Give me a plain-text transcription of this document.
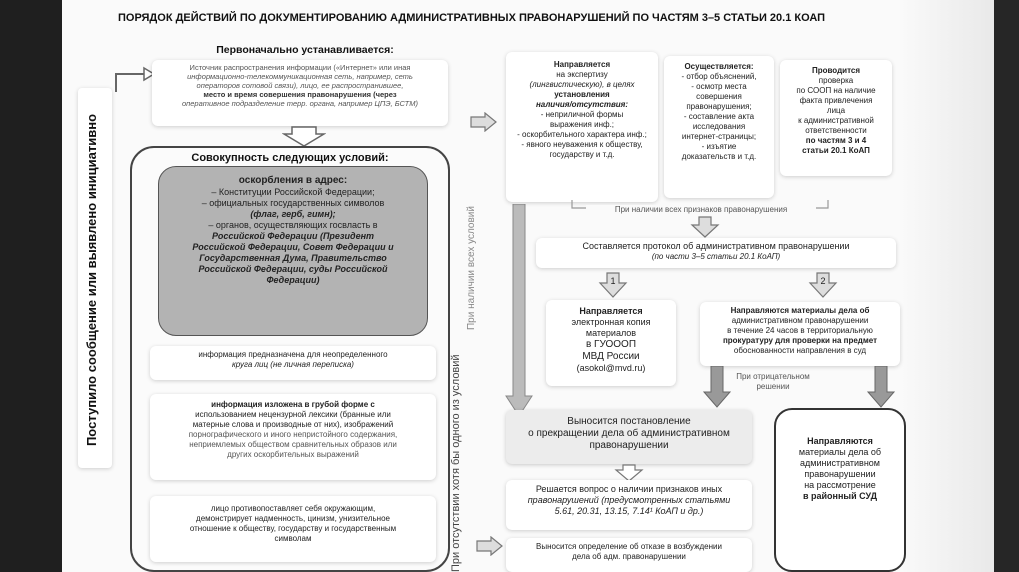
ПОРЯДОК ДЕЙСТВИЙ ПО ДОКУМЕНТИРОВАНИЮ АДМИНИСТРАТИВНЫХ ПРАВОНАРУШЕНИЙ ПО ЧАСТЯМ 3–5 СТАТЬИ 20.1 КОАП
Поступило сообщение или выявлено инициативно
Первоначально устанавливается:
Источник распространения информации («Интернет» или иная
информационно-телекоммуникационная сеть, например, сеть
операторов сотовой связи), лицо, ее распространившее,
место и время совершения правонарушения (через
оперативное подразделение терр. органа, например ЦПЭ, БСТМ)
Совокупность следующих условий:
оскорбления в адрес:
– Конституции Российской Федерации;
– официальных государственных символов
(флаг, герб, гимн);
– органов, осуществляющих госвласть в
Российской Федерации (Президент
Российской Федерации, Совет Федерации и
Государственная Дума, Правительство
Российской Федерации, суды Российской
Федерации)
информация предназначена для неопределенного
круга лиц (не личная переписка)
информация изложена в грубой форме с
использованием нецензурной лексики (бранные или
матерные слова и производные от них), изображений
порнографического и иного непристойного содержания,
неприемлемых обществом сравнительных образов или
других оскорбительных выражений
лицо противопоставляет себя окружающим,
демонстрирует надменность, цинизм, унизительное
отношение к обществу, государству и государственным
символам	При отсутствии хотя бы одного из условий
При наличии всех условий
Направляется
на экспертизу
(лингвистическую), в целях
установления
наличия/отсутствия:
- неприличной формы
выражения инф.;
- оскорбительного характера инф.;
- явного неуважения к обществу,
государству и т.д.
Осуществляется:
- отбор объяснений,
- осмотр места
совершения
правонарушения;
- составление акта
исследования
интернет-страницы;
- изъятие
доказательств и т.д.
Проводится
проверка
по СООП на наличие
факта привлечения
лица
к административной
ответственности
по частям 3 и 4
статьи 20.1 КоАП
При наличии всех признаков правонарушения
Составляется протокол об административном правонарушении
(по части 3–5 статьи 20.1 КоАП)
1	2
Направляется
электронная копия
материалов
в ГУОООП
МВД России
(asokol@mvd.ru)
Направляются материалы дела об
административном правонарушении
в течение 24 часов в территориальную
прокуратуру для проверки на предмет
обоснованности направления в суд
При отрицательном
решении
Выносится постановление
о прекращении дела об административном
правонарушении
Решается вопрос о наличии признаков иных
правонарушений (предусмотренных статьями
5.61, 20.31, 13.15, 7.14¹ КоАП и др.)
Выносится определение об отказе в возбуждении
дела об адм. правонарушении
Направляются
материалы дела об
административном
правонарушении
на рассмотрение
в районный СУД
